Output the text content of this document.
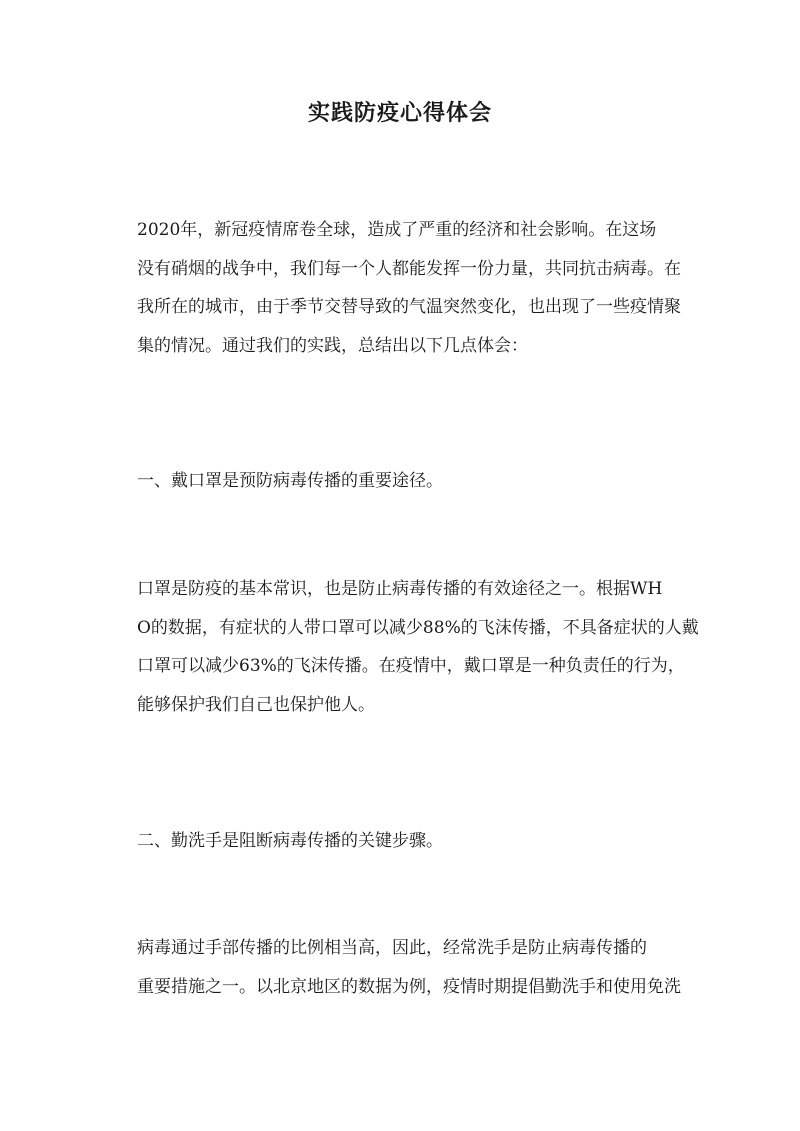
实践防疫心得体会
2020年，新冠疫情席卷全球，造成了严重的经济和社会影响。在这场
没有硝烟的战争中，我们每一个人都能发挥一份力量，共同抗击病毒。在
我所在的城市，由于季节交替导致的气温突然变化，也出现了一些疫情聚
集的情况。通过我们的实践，总结出以下几点体会：
一、戴口罩是预防病毒传播的重要途径。
口罩是防疫的基本常识，也是防止病毒传播的有效途径之一。根据WH
O的数据，有症状的人带口罩可以减少88%的飞沫传播，不具备症状的人戴
口罩可以减少63%的飞沫传播。在疫情中，戴口罩是一种负责任的行为，
能够保护我们自己也保护他人。
二、勤洗手是阻断病毒传播的关键步骤。
病毒通过手部传播的比例相当高，因此，经常洗手是防止病毒传播的
重要措施之一。以北京地区的数据为例，疫情时期提倡勤洗手和使用免洗
